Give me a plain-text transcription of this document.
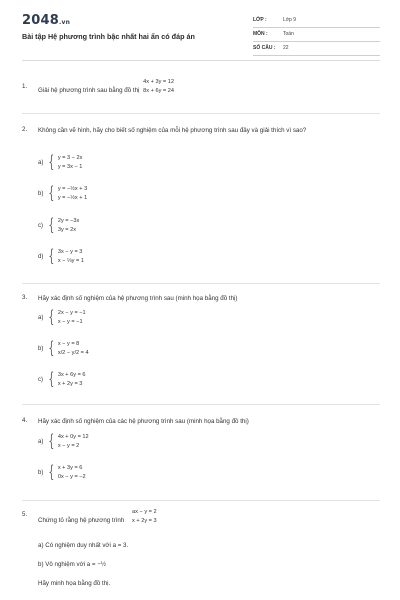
2048.vn
Bài tập Hệ phương trình bậc nhất hai ẩn có đáp án
LỚP :	Lớp 9
MÔN :	Toán
SỐ CÂU : 22
1.
Giải hệ phương trình sau bằng đồ thị
4x + 3y = 12
8x + 6y = 24
2. Không cần vẽ hình, hãy cho biết số nghiệm của mỗi hệ phương trình sau đây và giải thích vì sao?
a) { y = 3 − 2x
y = 3x − 1
b) { y = −½x + 3
y = −½x + 1
c) { 2y = −3x
3y = 2x
d) { 3x − y = 3
x − ⅓y = 1
3. Hãy xác định số nghiệm của hệ phương trình sau (minh họa bằng đồ thị)
a) { 2x − y = −1
x − y = −1
b) { x − y = 8
x/2 − y/2 = 4
c) { 3x + 6y = 6
x + 2y = 3
4. Hãy xác định số nghiệm của các hệ phương trình sau (minh họa bằng đồ thị)
a) { 4x + 0y = 12
x − y = 2
b) { x + 3y = 6
0x − y = −2
5.
Chứng tỏ rằng hệ phương trình
ax − y = 2
x + 2y = 3
a) Có nghiệm duy nhất với a = 3.
b) Vô nghiệm với a = −½
Hãy minh họa bằng đồ thị.
